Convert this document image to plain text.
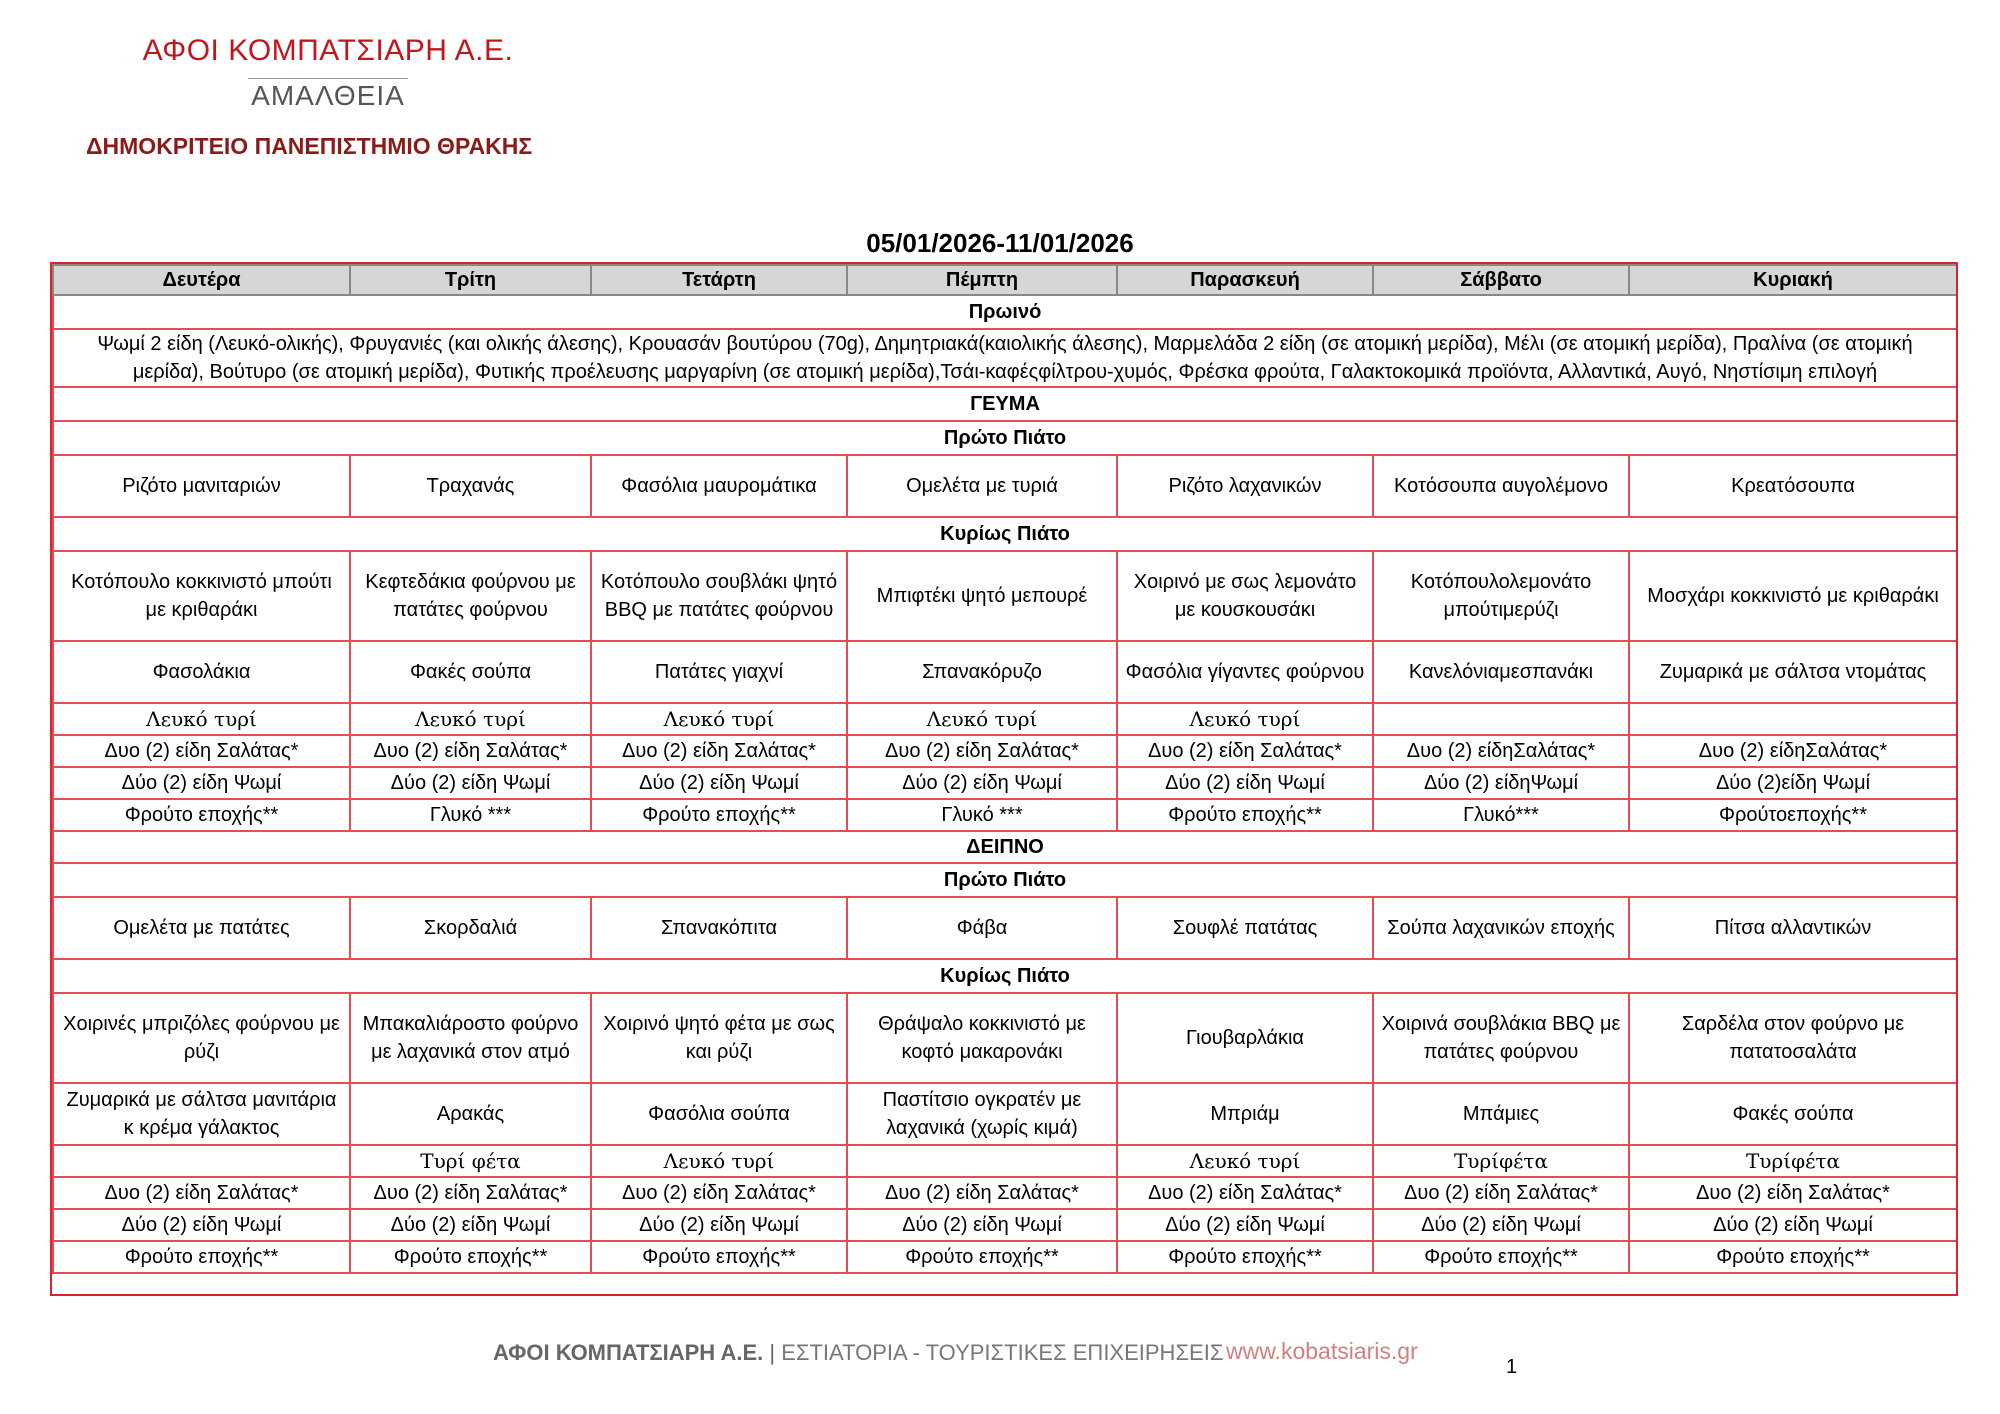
ΑΦΟΙ ΚΟΜΠΑΤΣΙΑΡΗ Α.Ε.
ΑΜΑΛΘΕΙΑ
ΔΗΜΟΚΡΙΤΕΙΟ ΠΑΝΕΠΙΣΤΗΜΙΟ ΘΡΑΚΗΣ
05/01/2026-11/01/2026
Δευτέρα	Τρίτη	Τετάρτη	Πέμπτη	Παρασκευή	Σάββατο	Κυριακή
Πρωινό						
Ψωμί 2 είδη (Λευκό-ολικής), Φρυγανιές (και ολικής άλεσης), Κρουασάν βουτύρου (70g), Δημητριακά(καιολικής άλεσης), Μαρμελάδα 2 είδη (σε ατομική μερίδα), Μέλι (σε ατομική μερίδα), Πραλίνα (σε ατομική μερίδα), Βούτυρο (σε ατομική μερίδα), Φυτικής προέλευσης μαργαρίνη (σε ατομική μερίδα),Τσάι-καφέςφίλτρου-χυμός, Φρέσκα φρούτα, Γαλακτοκομικά προϊόντα, Αλλαντικά, Αυγό, Νηστίσιμη επιλογή						
ΓΕΥΜΑ						
Πρώτο Πιάτο						
Ριζότο μανιταριών	Τραχανάς	Φασόλια μαυρομάτικα	Ομελέτα με τυριά	Ριζότο λαχανικών	Κοτόσουπα αυγολέμονο	Κρεατόσουπα
Κυρίως Πιάτο						
Κοτόπουλο κοκκινιστό μπούτι με κριθαράκι	Κεφτεδάκια φούρνου με πατάτες φούρνου	Κοτόπουλο σουβλάκι ψητό BBQ με πατάτες φούρνου	Μπιφτέκι ψητό μεπουρέ	Χοιρινό με σως λεμονάτο με κουσκουσάκι	Κοτόπουλολεμονάτο μπούτιμερύζι	Μοσχάρι κοκκινιστό με κριθαράκι
Φασολάκια	Φακές σούπα	Πατάτες γιαχνί	Σπανακόρυζο	Φασόλια γίγαντες φούρνου	Κανελόνιαμεσπανάκι	Ζυμαρικά με σάλτσα ντομάτας
Λευκό τυρί	Λευκό τυρί	Λευκό τυρί	Λευκό τυρί	Λευκό τυρί		
Δυο (2) είδη Σαλάτας*	Δυο (2) είδη Σαλάτας*	Δυο (2) είδη Σαλάτας*	Δυο (2) είδη Σαλάτας*	Δυο (2) είδη Σαλάτας*	Δυο (2) είδηΣαλάτας*	Δυο (2) είδηΣαλάτας*
Δύο (2) είδη Ψωμί	Δύο (2) είδη Ψωμί	Δύο (2) είδη Ψωμί	Δύο (2) είδη Ψωμί	Δύο (2) είδη Ψωμί	Δύο (2) είδηΨωμί	Δύο (2)είδη Ψωμί
Φρούτο εποχής**	Γλυκό ***	Φρούτο εποχής**	Γλυκό ***	Φρούτο εποχής**	Γλυκό***	Φρούτοεποχής**
ΔΕΙΠΝΟ						
Πρώτο Πιάτο						
Ομελέτα με πατάτες	Σκορδαλιά	Σπανακόπιτα	Φάβα	Σουφλέ πατάτας	Σούπα λαχανικών εποχής	Πίτσα αλλαντικών
Κυρίως Πιάτο						
Χοιρινές μπριζόλες φούρνου με ρύζι	Μπακαλιάροστο φούρνο με λαχανικά στον ατμό	Χοιρινό ψητό φέτα με σως και ρύζι	Θράψαλο κοκκινιστό με κοφτό μακαρονάκι	Γιουβαρλάκια	Χοιρινά σουβλάκια BBQ με πατάτες φούρνου	Σαρδέλα στον φούρνο με πατατοσαλάτα
Ζυμαρικά με σάλτσα μανιτάρια κ κρέμα γάλακτος	Αρακάς	Φασόλια σούπα	Παστίτσιο ογκρατέν με λαχανικά (χωρίς κιμά)	Μπριάμ	Μπάμιες	Φακές σούπα
	Τυρί φέτα	Λευκό τυρί		Λευκό τυρί	Τυρίφέτα	Τυρίφέτα
Δυο (2) είδη Σαλάτας*	Δυο (2) είδη Σαλάτας*	Δυο (2) είδη Σαλάτας*	Δυο (2) είδη Σαλάτας*	Δυο (2) είδη Σαλάτας*	Δυο (2) είδη Σαλάτας*	Δυο (2) είδη Σαλάτας*
Δύο (2) είδη Ψωμί	Δύο (2) είδη Ψωμί	Δύο (2) είδη Ψωμί	Δύο (2) είδη Ψωμί	Δύο (2) είδη Ψωμί	Δύο (2) είδη Ψωμί	Δύο (2) είδη Ψωμί
Φρούτο εποχής**	Φρούτο εποχής**	Φρούτο εποχής**	Φρούτο εποχής**	Φρούτο εποχής**	Φρούτο εποχής**	Φρούτο εποχής**
ΑΦΟΙ ΚΟΜΠΑΤΣΙΑΡΗ Α.Ε. | ΕΣΤΙΑΤΟΡΙΑ - ΤΟΥΡΙΣΤΙΚΕΣ ΕΠΙΧΕΙΡΗΣΕΙΣ www.kobatsiaris.gr
1
